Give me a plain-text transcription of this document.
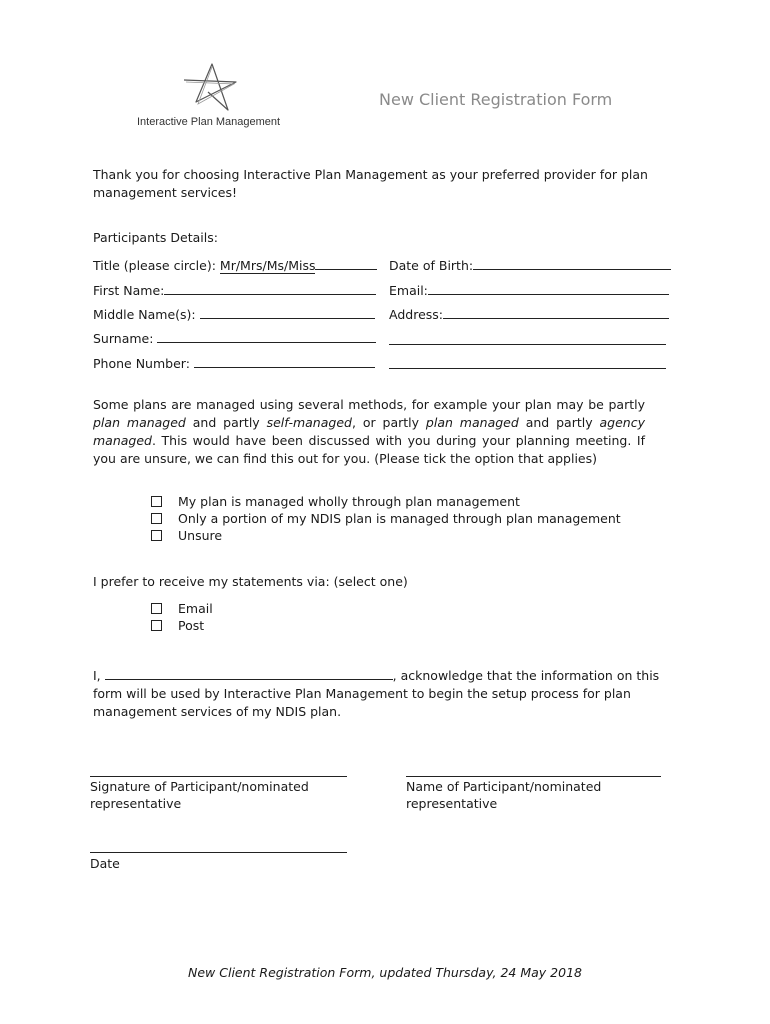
Interactive Plan Management
New Client Registration Form
Thank you for choosing Interactive Plan Management as your preferred provider for plan management services!
Participants Details:
Title (please circle): Mr/Mrs/Ms/Miss	Date of Birth:
First Name:	Email:
Middle Name(s):	Address:
Surname:
Phone Number:
Some plans are managed using several methods, for example your plan may be partly plan managed and partly self-managed, or partly plan managed and partly agency managed. This would have been discussed with you during your planning meeting. If you are unsure, we can find this out for you. (Please tick the option that applies)
My plan is managed wholly through plan management
Only a portion of my NDIS plan is managed through plan management
Unsure
I prefer to receive my statements via: (select one)
Email
Post
I,	, acknowledge that the information on this form will be used by Interactive Plan Management to begin the setup process for plan management services of my NDIS plan.
Signature of Participant/nominated representative
Name of Participant/nominated representative
Date
New Client Registration Form, updated Thursday, 24 May 2018
